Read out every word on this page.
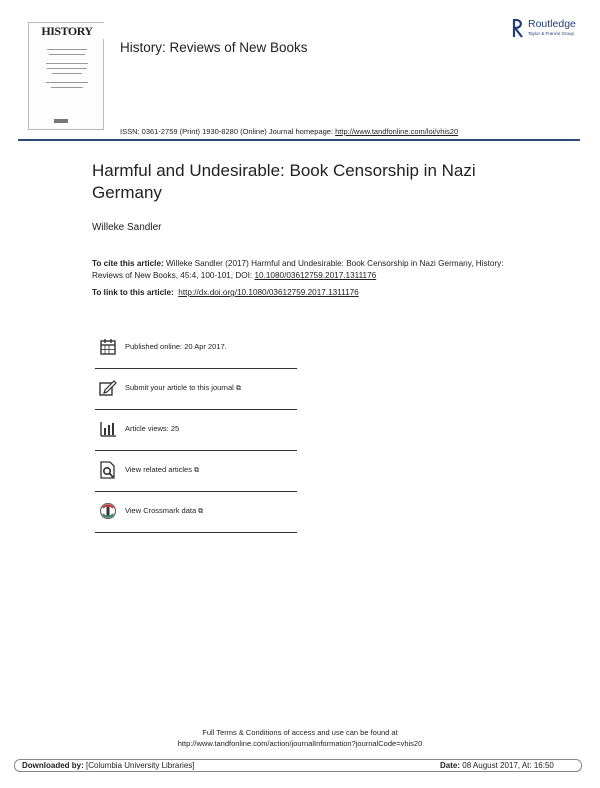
HISTORY
History: Reviews of New Books
Routledge
Taylor & Francis Group
ISSN: 0361-2759 (Print) 1930-8280 (Online) Journal homepage: http://www.tandfonline.com/loi/vhis20
Harmful and Undesirable: Book Censorship in Nazi Germany
Willeke Sandler
To cite this article: Willeke Sandler (2017) Harmful and Undesirable: Book Censorship in Nazi Germany, History: Reviews of New Books, 45:4, 100-101, DOI: 10.1080/03612759.2017.1311176
To link to this article: http://dx.doi.org/10.1080/03612759.2017.1311176
Published online: 20 Apr 2017.
Submit your article to this journal ⧉
Article views: 25
View related articles ⧉
View Crossmark data ⧉
Full Terms & Conditions of access and use can be found at
http://www.tandfonline.com/action/journalInformation?journalCode=vhis20
Downloaded by: [Columbia University Libraries]	Date: 08 August 2017, At: 16:50
